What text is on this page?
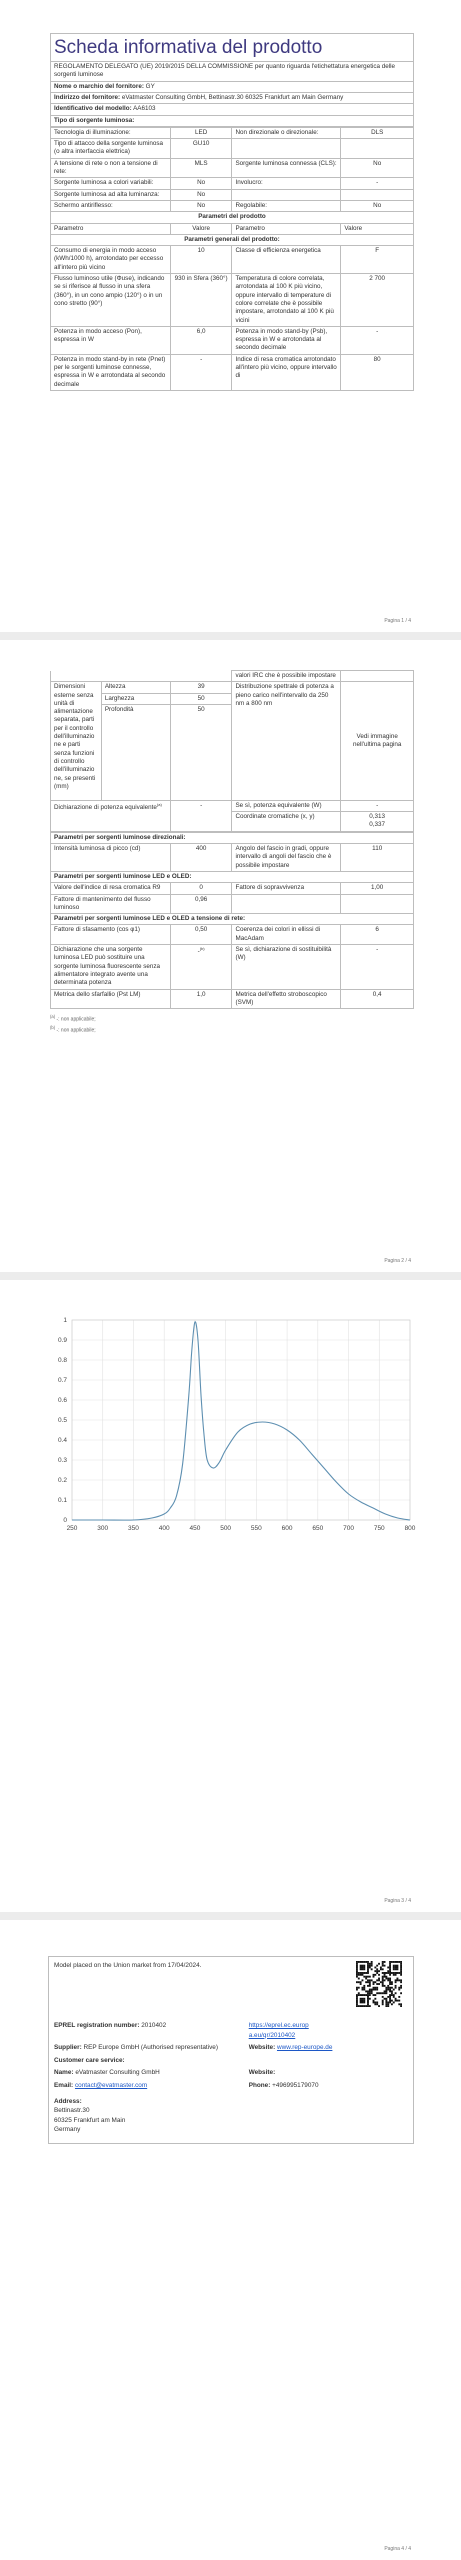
Scheda informativa del prodotto
REGOLAMENTO DELEGATO (UE) 2019/2015 DELLA COMMISSIONE per quanto riguarda l'etichettatura energetica delle sorgenti luminose
Nome o marchio del fornitore: GY
Indirizzo del fornitore: eVatmaster Consulting GmbH, Bettinastr.30 60325 Frankfurt am Main Germany
Identificativo del modello: AA6103
Tipo di sorgente luminosa:
Tecnologia di illuminazione:	LED	Non direzionale o direzionale:	DLS
Tipo di attacco della sorgente luminosa (o altra interfaccia elettrica)	GU10		
A tensione di rete o non a tensione di rete:	MLS	Sorgente luminosa connessa (CLS):	No
Sorgente luminosa a colori variabili:	No	Involucro:	-
Sorgente luminosa ad alta luminanza:	No		
Schermo antiriflesso:	No	Regolabile:	No
Parametri del prodotto			
Parametro	Valore	Parametro	Valore
Parametri generali del prodotto:			
Consumo di energia in modo acceso (kWh/1000 h), arrotondato per eccesso all'intero più vicino	10	Classe di efficienza energetica	F
Flusso luminoso utile (Φuse), indicando se si riferisce al flusso in una sfera (360°), in un cono ampio (120°) o in un cono stretto (90°)	930 in Sfera (360°)	Temperatura di colore correlata, arrotondata al 100 K più vicino, oppure intervallo di temperature di colore correlate che è possibile impostare, arrotondato al 100 K più vicini	2 700
Potenza in modo acceso (Pon), espressa in W	6,0	Potenza in modo stand-by (Psb), espressa in W e arrotondata al secondo decimale	-
Potenza in modo stand-by in rete (Pnet) per le sorgenti luminose connesse, espressa in W e arrotondata al secondo decimale	-	Indice di resa cromatica arrotondato all'intero più vicino, oppure intervallo di	80
Pagina 1 / 4
			valori IRC che è possibile impostare	
Dimensioni esterne senza unità di alimentazione separata, parti per il controllo dell'illuminazione e parti senza funzioni di controllo dell'illuminazione, se presenti (mm)	Altezza	39	Distribuzione spettrale di potenza a pieno carico nell'intervallo da 250 nm a 800 nm	Vedi immagine nell'ultima pagina
	Larghezza	50		
	Profondità	50		
Dichiarazione di potenza equivalente$^{(a)}$		-	Se sì, potenza equivalente (W)	-
			Coordinate cromatiche (x, y)	0,313
0,337
Parametri per sorgenti luminose direzionali:			
Intensità luminosa di picco (cd)	400	Angolo del fascio in gradi, oppure intervallo di angoli del fascio che è possibile impostare	110
Parametri per sorgenti luminose LED e OLED:			
Valore dell'indice di resa cromatica R9	0	Fattore di sopravvivenza	1,00
Fattore di mantenimento del flusso luminoso	0,96		
Parametri per sorgenti luminose LED e OLED a tensione di rete:			
Fattore di sfasamento (cos φ1)	0,50	Coerenza dei colori in ellissi di MacAdam	6
Dichiarazione che una sorgente luminosa LED può sostituire una sorgente luminosa fluorescente senza alimentatore integrato avente una determinata potenza	-$^{(b)}$	Se sì, dichiarazione di sostituibilità (W)	-
Metrica dello sfarfallio (Pst LM)	1,0	Metrica dell'effetto stroboscopico (SVM)	0,4
$^{(a)}$ -: non applicabile;
$^{(b)}$ -: non applicabile;
Pagina 2 / 4
0
0.1
0.2
0.3
0.4
0.5
0.6
0.7
0.8
0.9
1
250	300	350	400	450	500	550	600	650	700	750	800
Pagina 3 / 4
Model placed on the Union market from 17/04/2024.
EPREL registration number: 2010402	https://eprel.ec.europa.eu/qr/2010402
Supplier: REP Europe GmbH (Authorised representative)	Website: www.rep-europe.de
Customer care service:
Name: eVatmaster Consulting GmbH	Website:
Email: contact@evatmaster.com	Phone: +496995179070
Address:
Bettinastr.30
60325 Frankfurt am Main
Germany
Pagina 4 / 4
